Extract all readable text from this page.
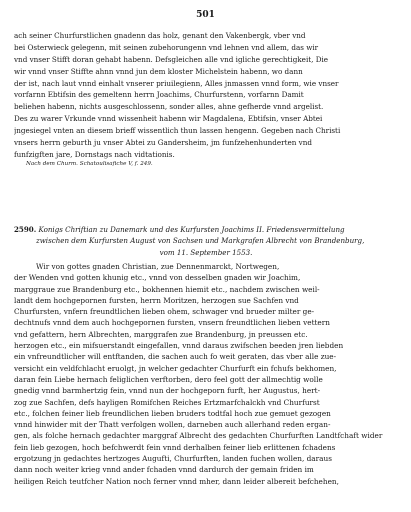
501
ach seiner Churfurstlichen gnadenn das holz, genant den Vakenbergk, vber vnd
bei Osterwieck gelegenn, mit seinen zubehorungenn vnd lehnen vnd allem, das wir
vnd vnser Stifft doran gehabt habenn. Defsgleichen alle vnd igliche gerechtigkeit, Die
wir vnnd vnser Stiffte ahnn vnnd jun dem kloster Michelstein habenn, wo dann
der ist, nach laut vnnd einhalt vnserer priuilegienn, Alles jnmassen vnnd form, wie vnser
vorfarnn Ebtifsin des gemeltenn herrn Joachims, Churfurstenn, vorfarnn Damit
beliehen habenn, nichts ausgeschlossenn, sonder alles, ahne gefherde vnnd argelist.
Des zu warer Vrkunde vnnd wissenheit habenn wir Magdalena, Ebtifsin, vnser Abtei
jngesiegel vnten an diesem brieff wissentlich thun lassen hengenn. Gegeben nach Christi
vnsers herrn geburth ju vnser Abtei zu Gandersheim, jm funfzehenhunderten vnd
funfzigften jare, Dornstags nach vidtationis.
Nach dem Churm. Schatoulisafiche V, f. 249.
2590. Konigs Chriftian zu Danemark und des Kurfursten Joachims II. Friedensvermittelung
zwischen dem Kurfursten August von Sachsen und Markgrafen Albrecht von Brandenburg,
vom 11. September 1553.
Wir von gottes gnaden Christian, zue Dennenmarckt, Nortwegen,
der Wenden vnd gotten khunig etc., vnnd von desselben gnaden wir Joachim,
marggraue zue Brandenburg etc., bokhennen hiemit etc., nachdem zwischen weil-
landt dem hochgepornen fursten, herrn Moritzen, herzogen sue Sachfen vnd
Churfursten, vnfern freundtlichen lieben ohem, schwager vnd brueder milter ge-
dechtnufs vnnd dem auch hochgepornen fursten, vnsern freundtlichen lieben vettern
vnd gefattern, hern Albrechten, marggrafen zue Brandenburg, jn preussen etc.
herzogen etc., ein mifsuerstandt eingefallen, vnnd daraus zwifschen beeden jren liebden
ein vnfreundtlicher will entftanden, die sachen auch fo weit geraten, das vber alle zue-
versicht ein veldfchlacht eruolgt, jn welcher gedachter Churfurft ein fchufs bekhomen,
daran fein Liebe hernach feliglichen verftorben, dero feel gott der allmechtig wolle
gnedig vnnd barmhertzig fein, vnnd nun der hochgeporn furft, her Augustus, hert-
zog zue Sachfen, defs hayligen Romifchen Reiches Ertzmarfchalckh vnd Churfurst
etc., folchen feiner lieb freundlichen lieben bruders todtfal hoch zue gemuet gezogen
vnnd hinwider mit der Thatt verfolgen wollen, darneben auch allerhand reden ergan-
gen, als folche hernach gedachter marggraf Albrecht des gedachten Churfurften Landtfchaft wider
fein lieb gezogen, hoch befchwerdt fein vnnd derhalben feiner lieb erlittenen fchadens
ergotzung jn gedachtes hertzoges Augufti, Churfurften, landen fuchen wollen, daraus
dann noch weiter krieg vnnd ander fchaden vnnd dardurch der gemain friden im
heiligen Reich teutfcher Nation noch ferner vnnd mher, dann leider albereit befchehen,
